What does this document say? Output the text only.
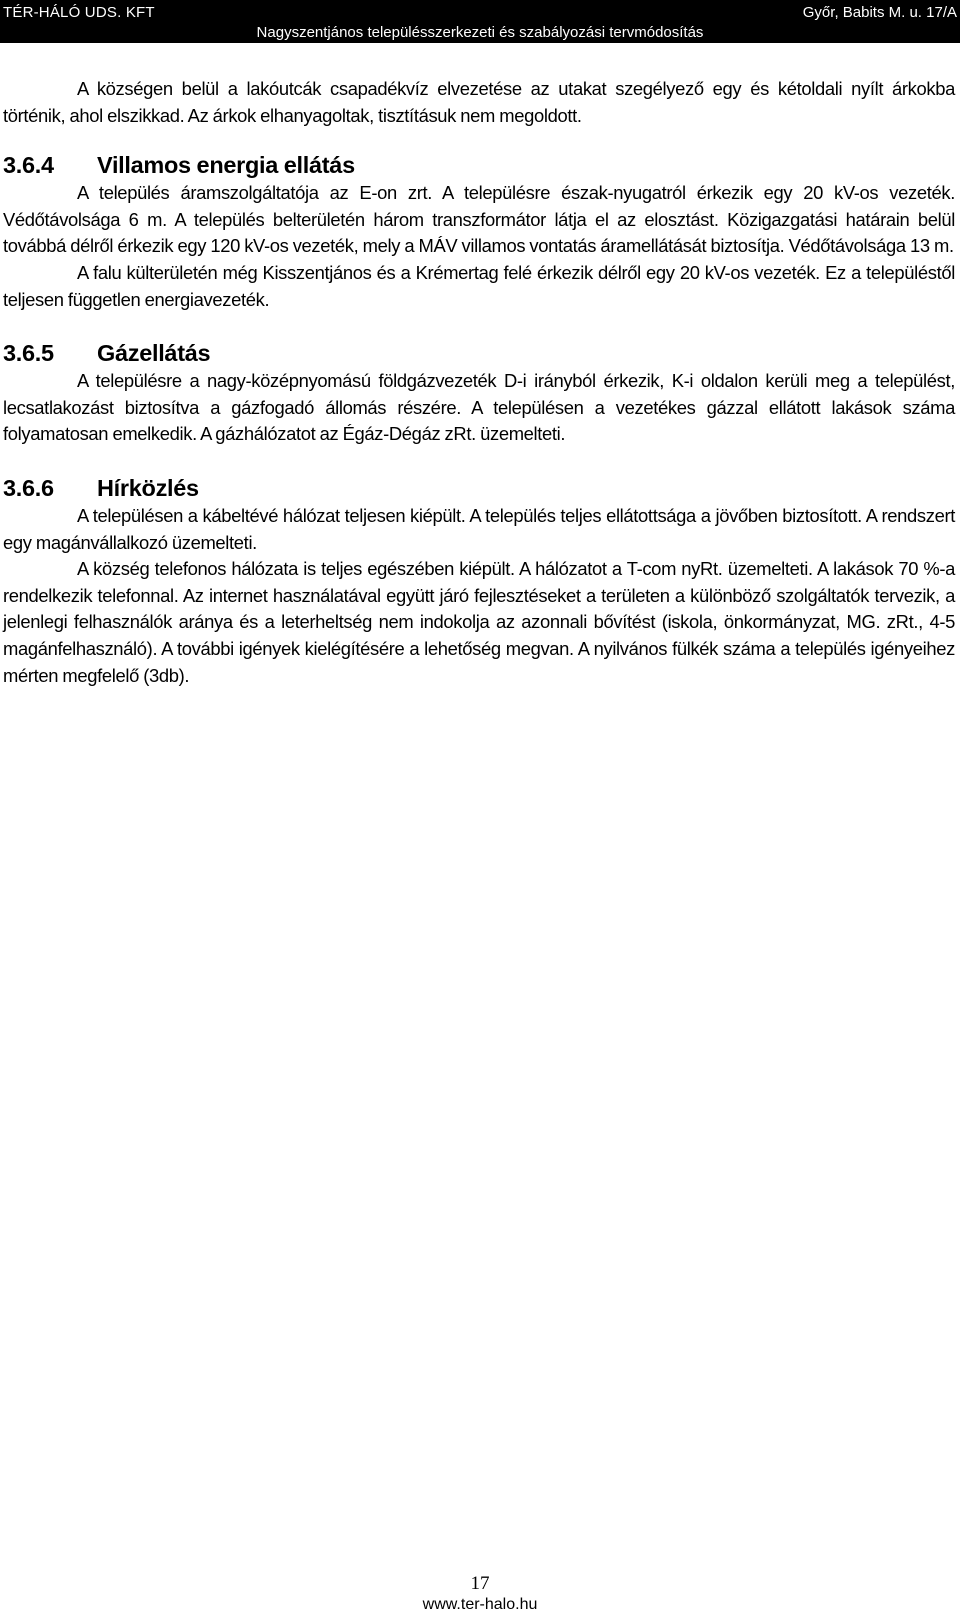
TÉR-HÁLÓ UDS. KFT	Győr, Babits M. u. 17/A
Nagyszentjános településszerkezeti és szabályozási tervmódosítás

A községen belül a lakóutcák csapadékvíz elvezetése az utakat szegélyező egy és kétoldali nyílt árkokba történik, ahol elszikkad. Az árkok elhanyagoltak, tisztításuk nem megoldott.

3.6.4	Villamos energia ellátás

A település áramszolgáltatója az E-on zrt. A településre észak-nyugatról érkezik egy 20 kV-os vezeték. Védőtávolsága 6 m. A település belterületén három transzformátor látja el az elosztást. Közigazgatási határain belül továbbá délről érkezik egy 120 kV-os vezeték, mely a MÁV villamos vontatás áramellátását biztosítja. Védőtávolsága 13 m.

A falu külterületén még Kisszentjános és a Krémertag felé érkezik délről egy 20 kV-os vezeték. Ez a településtől teljesen független energiavezeték.

3.6.5	Gázellátás

A településre a nagy-középnyomású földgázvezeték D-i irányból érkezik, K-i oldalon kerüli meg a települést, lecsatlakozást biztosítva a gázfogadó állomás részére. A településen a vezetékes gázzal ellátott lakások száma folyamatosan emelkedik. A gázhálózatot az Égáz-Dégáz zRt. üzemelteti.

3.6.6	Hírközlés

A településen a kábeltévé hálózat teljesen kiépült. A település teljes ellátottsága a jövőben biztosított. A rendszert egy magánvállalkozó üzemelteti.

A község telefonos hálózata is teljes egészében kiépült. A hálózatot a T-com nyRt. üzemelteti. A lakások 70 %-a rendelkezik telefonnal. Az internet használatával együtt járó fejlesztéseket a területen a különböző szolgáltatók tervezik, a jelenlegi felhasználók aránya és a leterheltség nem indokolja az azonnali bővítést (iskola, önkormányzat, MG. zRt., 4-5 magánfelhasználó). A további igények kielégítésére a lehetőség megvan. A nyilvános fülkék száma a település igényeihez mérten megfelelő (3db).

17
www.ter-halo.hu
